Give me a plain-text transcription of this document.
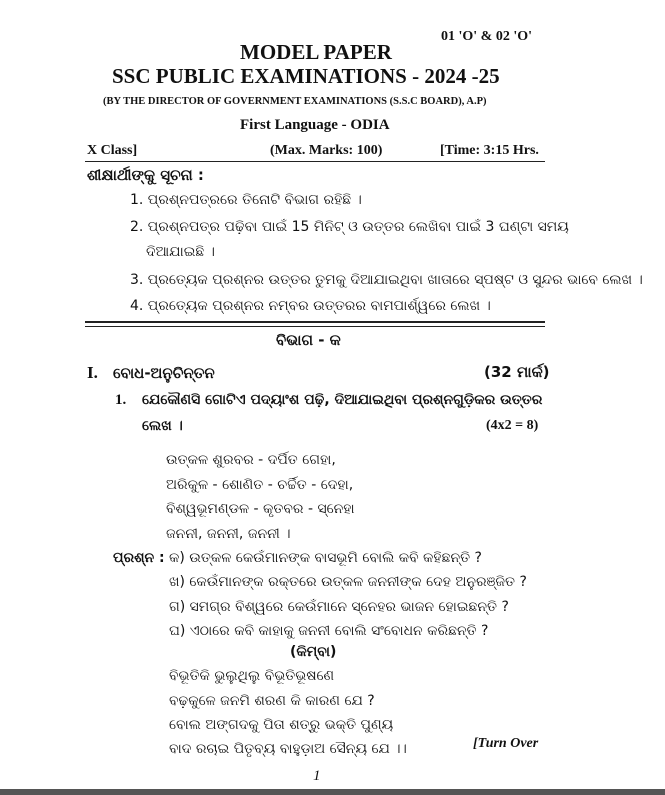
01 'O' & 02 'O'
MODEL PAPER
SSC PUBLIC EXAMINATIONS - 2024 -25
(BY THE DIRECTOR OF GOVERNMENT EXAMINATIONS (S.S.C BOARD), A.P)
First Language - ODIA
X Class]	(Max. Marks: 100)	[Time: 3:15 Hrs.
ଶୀକ୍ଷାର୍ଥୀଙ୍କୁ ସୂଚନା :
1. ପ୍ରଶ୍ନପତ୍ରରେ ତିନୋଟି ବିଭାଗ ରହିଛି ।
2. ପ୍ରଶ୍ନପତ୍ର ପଢ଼ିବା ପାଇଁ 15 ମିନିଟ୍ ଓ ଉତ୍ତର ଲେଖିବା ପାଇଁ 3 ଘଣ୍ଟା ସମୟ
ଦିଆଯାଇଛି ।
3. ପ୍ରତ୍ୟେକ ପ୍ରଶ୍ନର ଉତ୍ତର ତୁମକୁ ଦିଆଯାଇଥିବା ଖାତାରେ ସ୍ପଷ୍ଟ ଓ ସୁନ୍ଦର ଭାବେ ଲେଖ ।
4. ପ୍ରତ୍ୟେକ ପ୍ରଶ୍ନର ନମ୍ବର ଉତ୍ତରର ବାମପାର୍ଶ୍ୱରେ ଲେଖ ।
ବିଭାଗ - କ
I. ବୋଧ-ଅନୁଚିନ୍ତନ	(32 ମାର୍କ)
1. ଯେକୌଣସି ଗୋଟିଏ ପଦ୍ୟାଂଶ ପଢ଼ି, ଦିଆଯାଇଥିବା ପ୍ରଶ୍ନଗୁଡ଼ିକର ଉତ୍ତର
ଲେଖ ।	(4x2 = 8)
ଉତ୍କଳ ଶୁରବର - ଦର୍ପିତ ଗେହା,
ଅରିକୁଳ - ଶୋଣିତ - ଚର୍ଚ୍ଚିତ - ଦେହା,
ବିଶ୍ୱଭୂମଣ୍ଡଳ - କୃତବର - ସ୍ନେହା
ଜନନୀ, ଜନନୀ, ଜନନୀ ।
ପ୍ରଶ୍ନ : କ) ଉତ୍କଳ କେଉଁମାନଙ୍କ ବାସଭୂମି ବୋଲି କବି କହିଛନ୍ତି ?
ଖ) କେଉଁମାନଙ୍କ ରକ୍ତରେ ଉତ୍କଳ ଜନନୀଙ୍କ ଦେହ ଅନୁରଞ୍ଜିତ ?
ଗ) ସମଗ୍ର ବିଶ୍ୱରେ କେଉଁମାନେ ସ୍ନେହର ଭାଜନ ହୋଇଛନ୍ତି ?
ଘ) ଏଠାରେ କବି କାହାକୁ ଜନନୀ ବୋଲି ସଂବୋଧନ କରିଛନ୍ତି ?
(କିମ୍ବା)
ବିଭୂତିକି ଭୁଲୁଥିଲୁ ବିଭୂତିଭୂଷଣେ
ବଢ଼କୁଳେ ଜନମି ଶରଣ କି କାରଣ ଯେ ?
ବୋଲ ଅଙ୍ଗଦକୁ ପିତା ଶତ୍ରୁ ଭକ୍ତି ପୁଣ୍ୟ
ବାଦ ରଚାଇ ପିତୃବ୍ୟ ବାହୁଡ଼ାଅ ସୈନ୍ୟ ଯେ ।।	[Turn Over
1
